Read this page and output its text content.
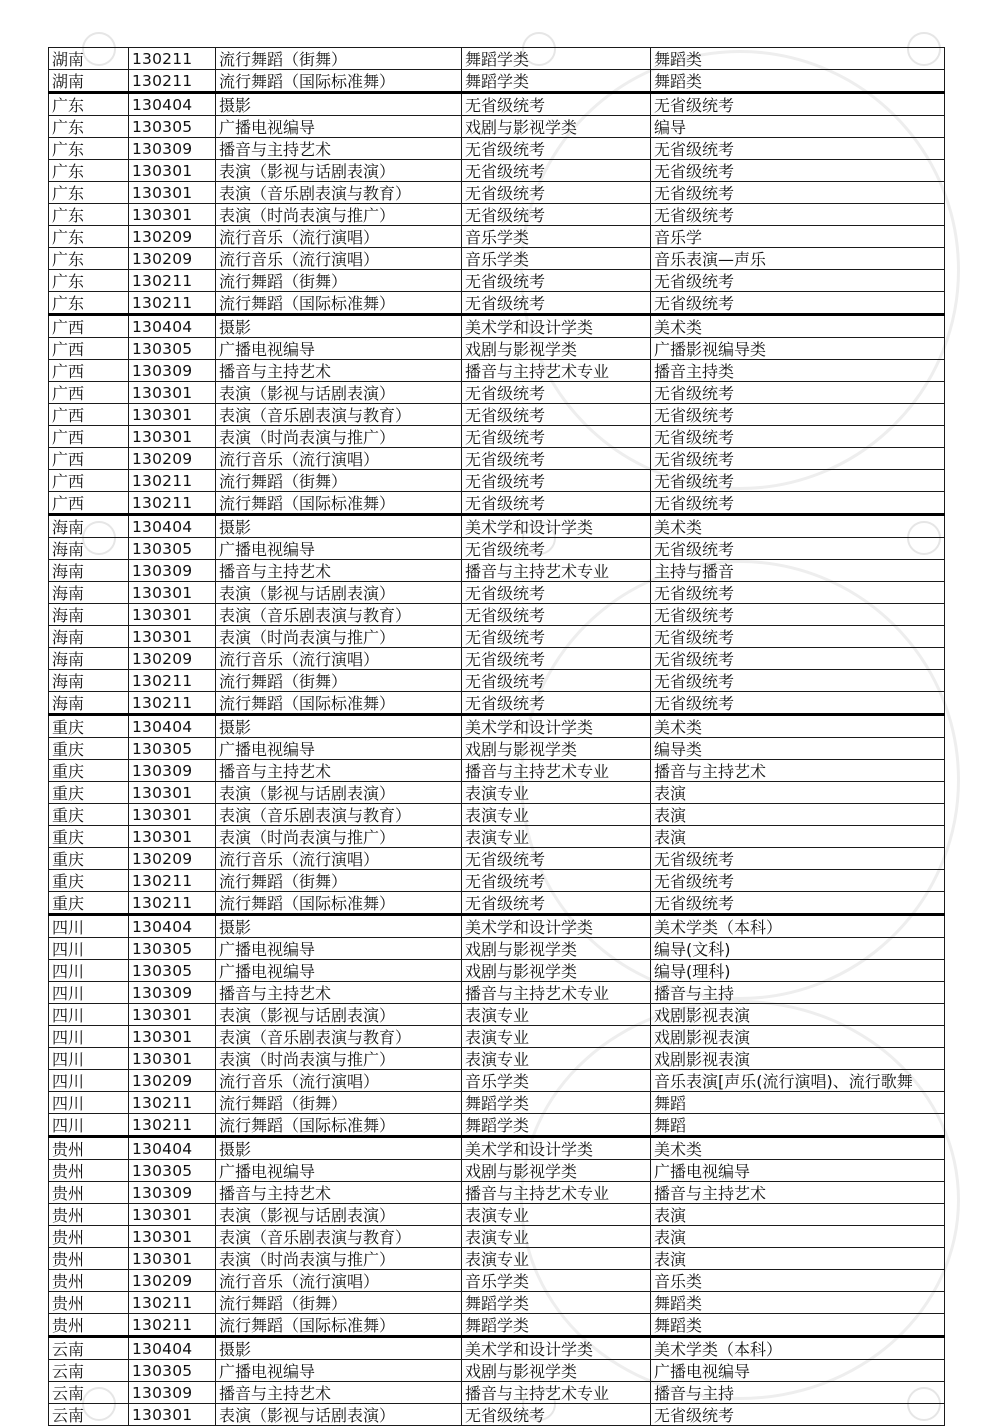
湖南	130211	流行舞蹈（街舞）	舞蹈学类	舞蹈类
湖南	130211	流行舞蹈（国际标准舞）	舞蹈学类	舞蹈类
广东	130404	摄影	无省级统考	无省级统考
广东	130305	广播电视编导	戏剧与影视学类	编导
广东	130309	播音与主持艺术	无省级统考	无省级统考
广东	130301	表演（影视与话剧表演）	无省级统考	无省级统考
广东	130301	表演（音乐剧表演与教育）	无省级统考	无省级统考
广东	130301	表演（时尚表演与推广）	无省级统考	无省级统考
广东	130209	流行音乐（流行演唱）	音乐学类	音乐学
广东	130209	流行音乐（流行演唱）	音乐学类	音乐表演—声乐
广东	130211	流行舞蹈（街舞）	无省级统考	无省级统考
广东	130211	流行舞蹈（国际标准舞）	无省级统考	无省级统考
广西	130404	摄影	美术学和设计学类	美术类
广西	130305	广播电视编导	戏剧与影视学类	广播影视编导类
广西	130309	播音与主持艺术	播音与主持艺术专业	播音主持类
广西	130301	表演（影视与话剧表演）	无省级统考	无省级统考
广西	130301	表演（音乐剧表演与教育）	无省级统考	无省级统考
广西	130301	表演（时尚表演与推广）	无省级统考	无省级统考
广西	130209	流行音乐（流行演唱）	无省级统考	无省级统考
广西	130211	流行舞蹈（街舞）	无省级统考	无省级统考
广西	130211	流行舞蹈（国际标准舞）	无省级统考	无省级统考
海南	130404	摄影	美术学和设计学类	美术类
海南	130305	广播电视编导	无省级统考	无省级统考
海南	130309	播音与主持艺术	播音与主持艺术专业	主持与播音
海南	130301	表演（影视与话剧表演）	无省级统考	无省级统考
海南	130301	表演（音乐剧表演与教育）	无省级统考	无省级统考
海南	130301	表演（时尚表演与推广）	无省级统考	无省级统考
海南	130209	流行音乐（流行演唱）	无省级统考	无省级统考
海南	130211	流行舞蹈（街舞）	无省级统考	无省级统考
海南	130211	流行舞蹈（国际标准舞）	无省级统考	无省级统考
重庆	130404	摄影	美术学和设计学类	美术类
重庆	130305	广播电视编导	戏剧与影视学类	编导类
重庆	130309	播音与主持艺术	播音与主持艺术专业	播音与主持艺术
重庆	130301	表演（影视与话剧表演）	表演专业	表演
重庆	130301	表演（音乐剧表演与教育）	表演专业	表演
重庆	130301	表演（时尚表演与推广）	表演专业	表演
重庆	130209	流行音乐（流行演唱）	无省级统考	无省级统考
重庆	130211	流行舞蹈（街舞）	无省级统考	无省级统考
重庆	130211	流行舞蹈（国际标准舞）	无省级统考	无省级统考
四川	130404	摄影	美术学和设计学类	美术学类（本科）
四川	130305	广播电视编导	戏剧与影视学类	编导(文科)
四川	130305	广播电视编导	戏剧与影视学类	编导(理科)
四川	130309	播音与主持艺术	播音与主持艺术专业	播音与主持
四川	130301	表演（影视与话剧表演）	表演专业	戏剧影视表演
四川	130301	表演（音乐剧表演与教育）	表演专业	戏剧影视表演
四川	130301	表演（时尚表演与推广）	表演专业	戏剧影视表演
四川	130209	流行音乐（流行演唱）	音乐学类	音乐表演[声乐(流行演唱)、流行歌舞
四川	130211	流行舞蹈（街舞）	舞蹈学类	舞蹈
四川	130211	流行舞蹈（国际标准舞）	舞蹈学类	舞蹈
贵州	130404	摄影	美术学和设计学类	美术类
贵州	130305	广播电视编导	戏剧与影视学类	广播电视编导
贵州	130309	播音与主持艺术	播音与主持艺术专业	播音与主持艺术
贵州	130301	表演（影视与话剧表演）	表演专业	表演
贵州	130301	表演（音乐剧表演与教育）	表演专业	表演
贵州	130301	表演（时尚表演与推广）	表演专业	表演
贵州	130209	流行音乐（流行演唱）	音乐学类	音乐类
贵州	130211	流行舞蹈（街舞）	舞蹈学类	舞蹈类
贵州	130211	流行舞蹈（国际标准舞）	舞蹈学类	舞蹈类
云南	130404	摄影	美术学和设计学类	美术学类（本科）
云南	130305	广播电视编导	戏剧与影视学类	广播电视编导
云南	130309	播音与主持艺术	播音与主持艺术专业	播音与主持
云南	130301	表演（影视与话剧表演）	无省级统考	无省级统考
